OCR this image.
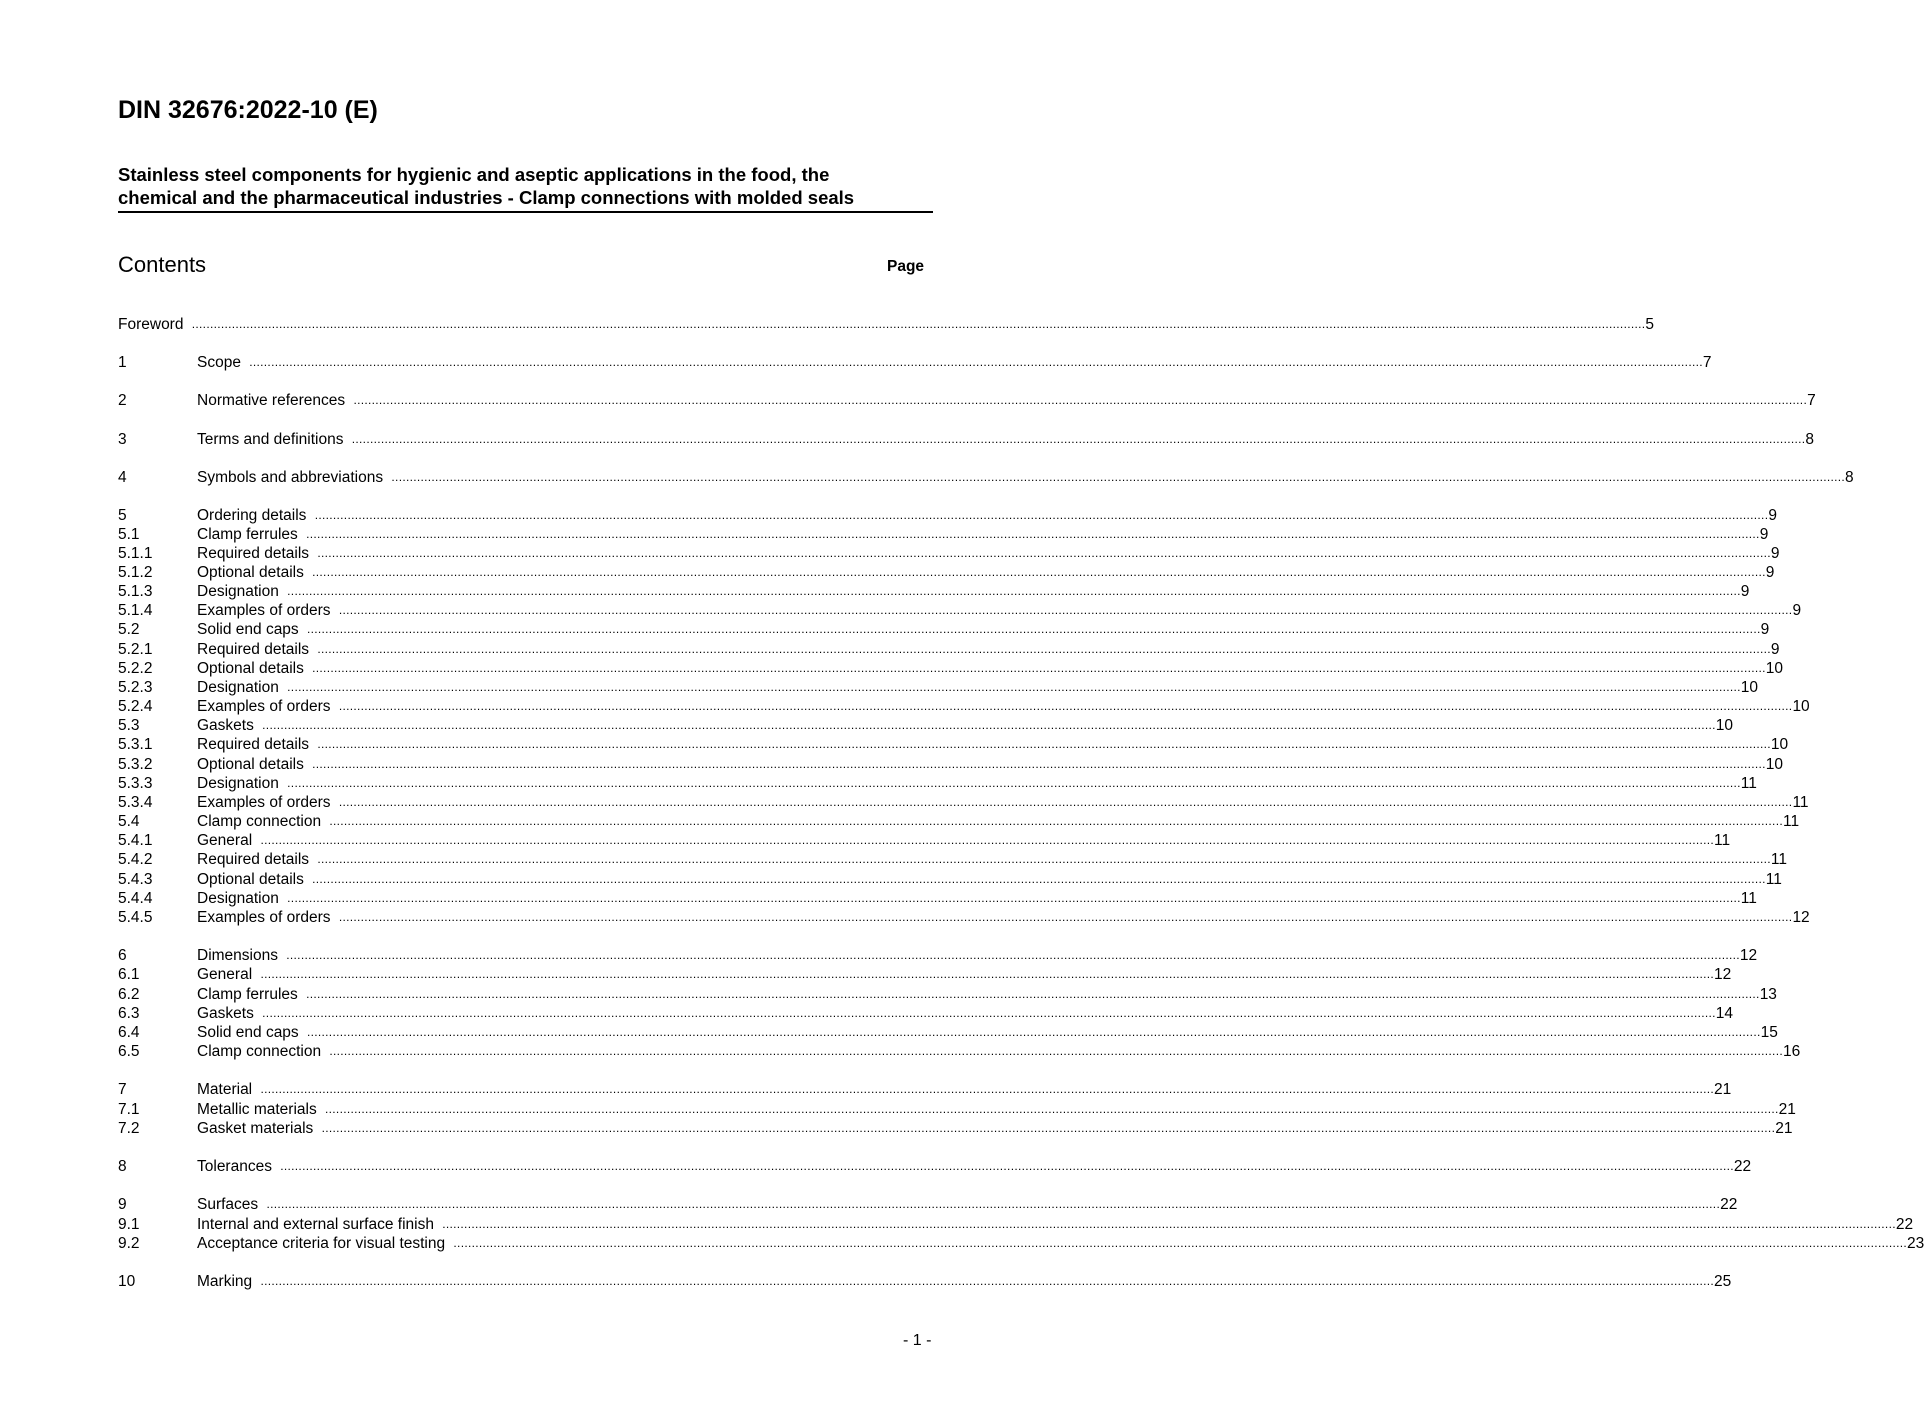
DIN 32676:2022-10 (E)
Stainless steel components for hygienic and aseptic applications in the food, the
chemical and the pharmaceutical industries - Clamp connections with molded seals
Contents	Page
Foreword ................................................................................................................................................................................................................................................................................................................................................................................................................ 5
1	Scope ................................................................................................................................................................................................................................................................................................................................................................................................................ 7
2	Normative references ................................................................................................................................................................................................................................................................................................................................................................................................................ 7
3	Terms and definitions ................................................................................................................................................................................................................................................................................................................................................................................................................ 8
4	Symbols and abbreviations ................................................................................................................................................................................................................................................................................................................................................................................................................ 8
5	Ordering details ................................................................................................................................................................................................................................................................................................................................................................................................................ 9
5.1	Clamp ferrules ................................................................................................................................................................................................................................................................................................................................................................................................................ 9
5.1.1	Required details ................................................................................................................................................................................................................................................................................................................................................................................................................ 9
5.1.2	Optional details ................................................................................................................................................................................................................................................................................................................................................................................................................ 9
5.1.3	Designation ................................................................................................................................................................................................................................................................................................................................................................................................................ 9
5.1.4	Examples of orders ................................................................................................................................................................................................................................................................................................................................................................................................................ 9
5.2	Solid end caps ................................................................................................................................................................................................................................................................................................................................................................................................................ 9
5.2.1	Required details ................................................................................................................................................................................................................................................................................................................................................................................................................ 9
5.2.2	Optional details ................................................................................................................................................................................................................................................................................................................................................................................................................ 10
5.2.3	Designation ................................................................................................................................................................................................................................................................................................................................................................................................................ 10
5.2.4	Examples of orders ................................................................................................................................................................................................................................................................................................................................................................................................................ 10
5.3	Gaskets ................................................................................................................................................................................................................................................................................................................................................................................................................ 10
5.3.1	Required details ................................................................................................................................................................................................................................................................................................................................................................................................................ 10
5.3.2	Optional details ................................................................................................................................................................................................................................................................................................................................................................................................................ 10
5.3.3	Designation ................................................................................................................................................................................................................................................................................................................................................................................................................ 11
5.3.4	Examples of orders ................................................................................................................................................................................................................................................................................................................................................................................................................ 11
5.4	Clamp connection ................................................................................................................................................................................................................................................................................................................................................................................................................ 11
5.4.1	General ................................................................................................................................................................................................................................................................................................................................................................................................................ 11
5.4.2	Required details ................................................................................................................................................................................................................................................................................................................................................................................................................ 11
5.4.3	Optional details ................................................................................................................................................................................................................................................................................................................................................................................................................ 11
5.4.4	Designation ................................................................................................................................................................................................................................................................................................................................................................................................................ 11
5.4.5	Examples of orders ................................................................................................................................................................................................................................................................................................................................................................................................................ 12
6	Dimensions ................................................................................................................................................................................................................................................................................................................................................................................................................ 12
6.1	General ................................................................................................................................................................................................................................................................................................................................................................................................................ 12
6.2	Clamp ferrules ................................................................................................................................................................................................................................................................................................................................................................................................................ 13
6.3	Gaskets ................................................................................................................................................................................................................................................................................................................................................................................................................ 14
6.4	Solid end caps ................................................................................................................................................................................................................................................................................................................................................................................................................ 15
6.5	Clamp connection ................................................................................................................................................................................................................................................................................................................................................................................................................ 16
7	Material ................................................................................................................................................................................................................................................................................................................................................................................................................ 21
7.1	Metallic materials ................................................................................................................................................................................................................................................................................................................................................................................................................ 21
7.2	Gasket materials ................................................................................................................................................................................................................................................................................................................................................................................................................ 21
8	Tolerances ................................................................................................................................................................................................................................................................................................................................................................................................................ 22
9	Surfaces ................................................................................................................................................................................................................................................................................................................................................................................................................ 22
9.1	Internal and external surface finish ................................................................................................................................................................................................................................................................................................................................................................................................................ 22
9.2	Acceptance criteria for visual testing ................................................................................................................................................................................................................................................................................................................................................................................................................ 23
10	Marking ................................................................................................................................................................................................................................................................................................................................................................................................................ 25
- 1 -
